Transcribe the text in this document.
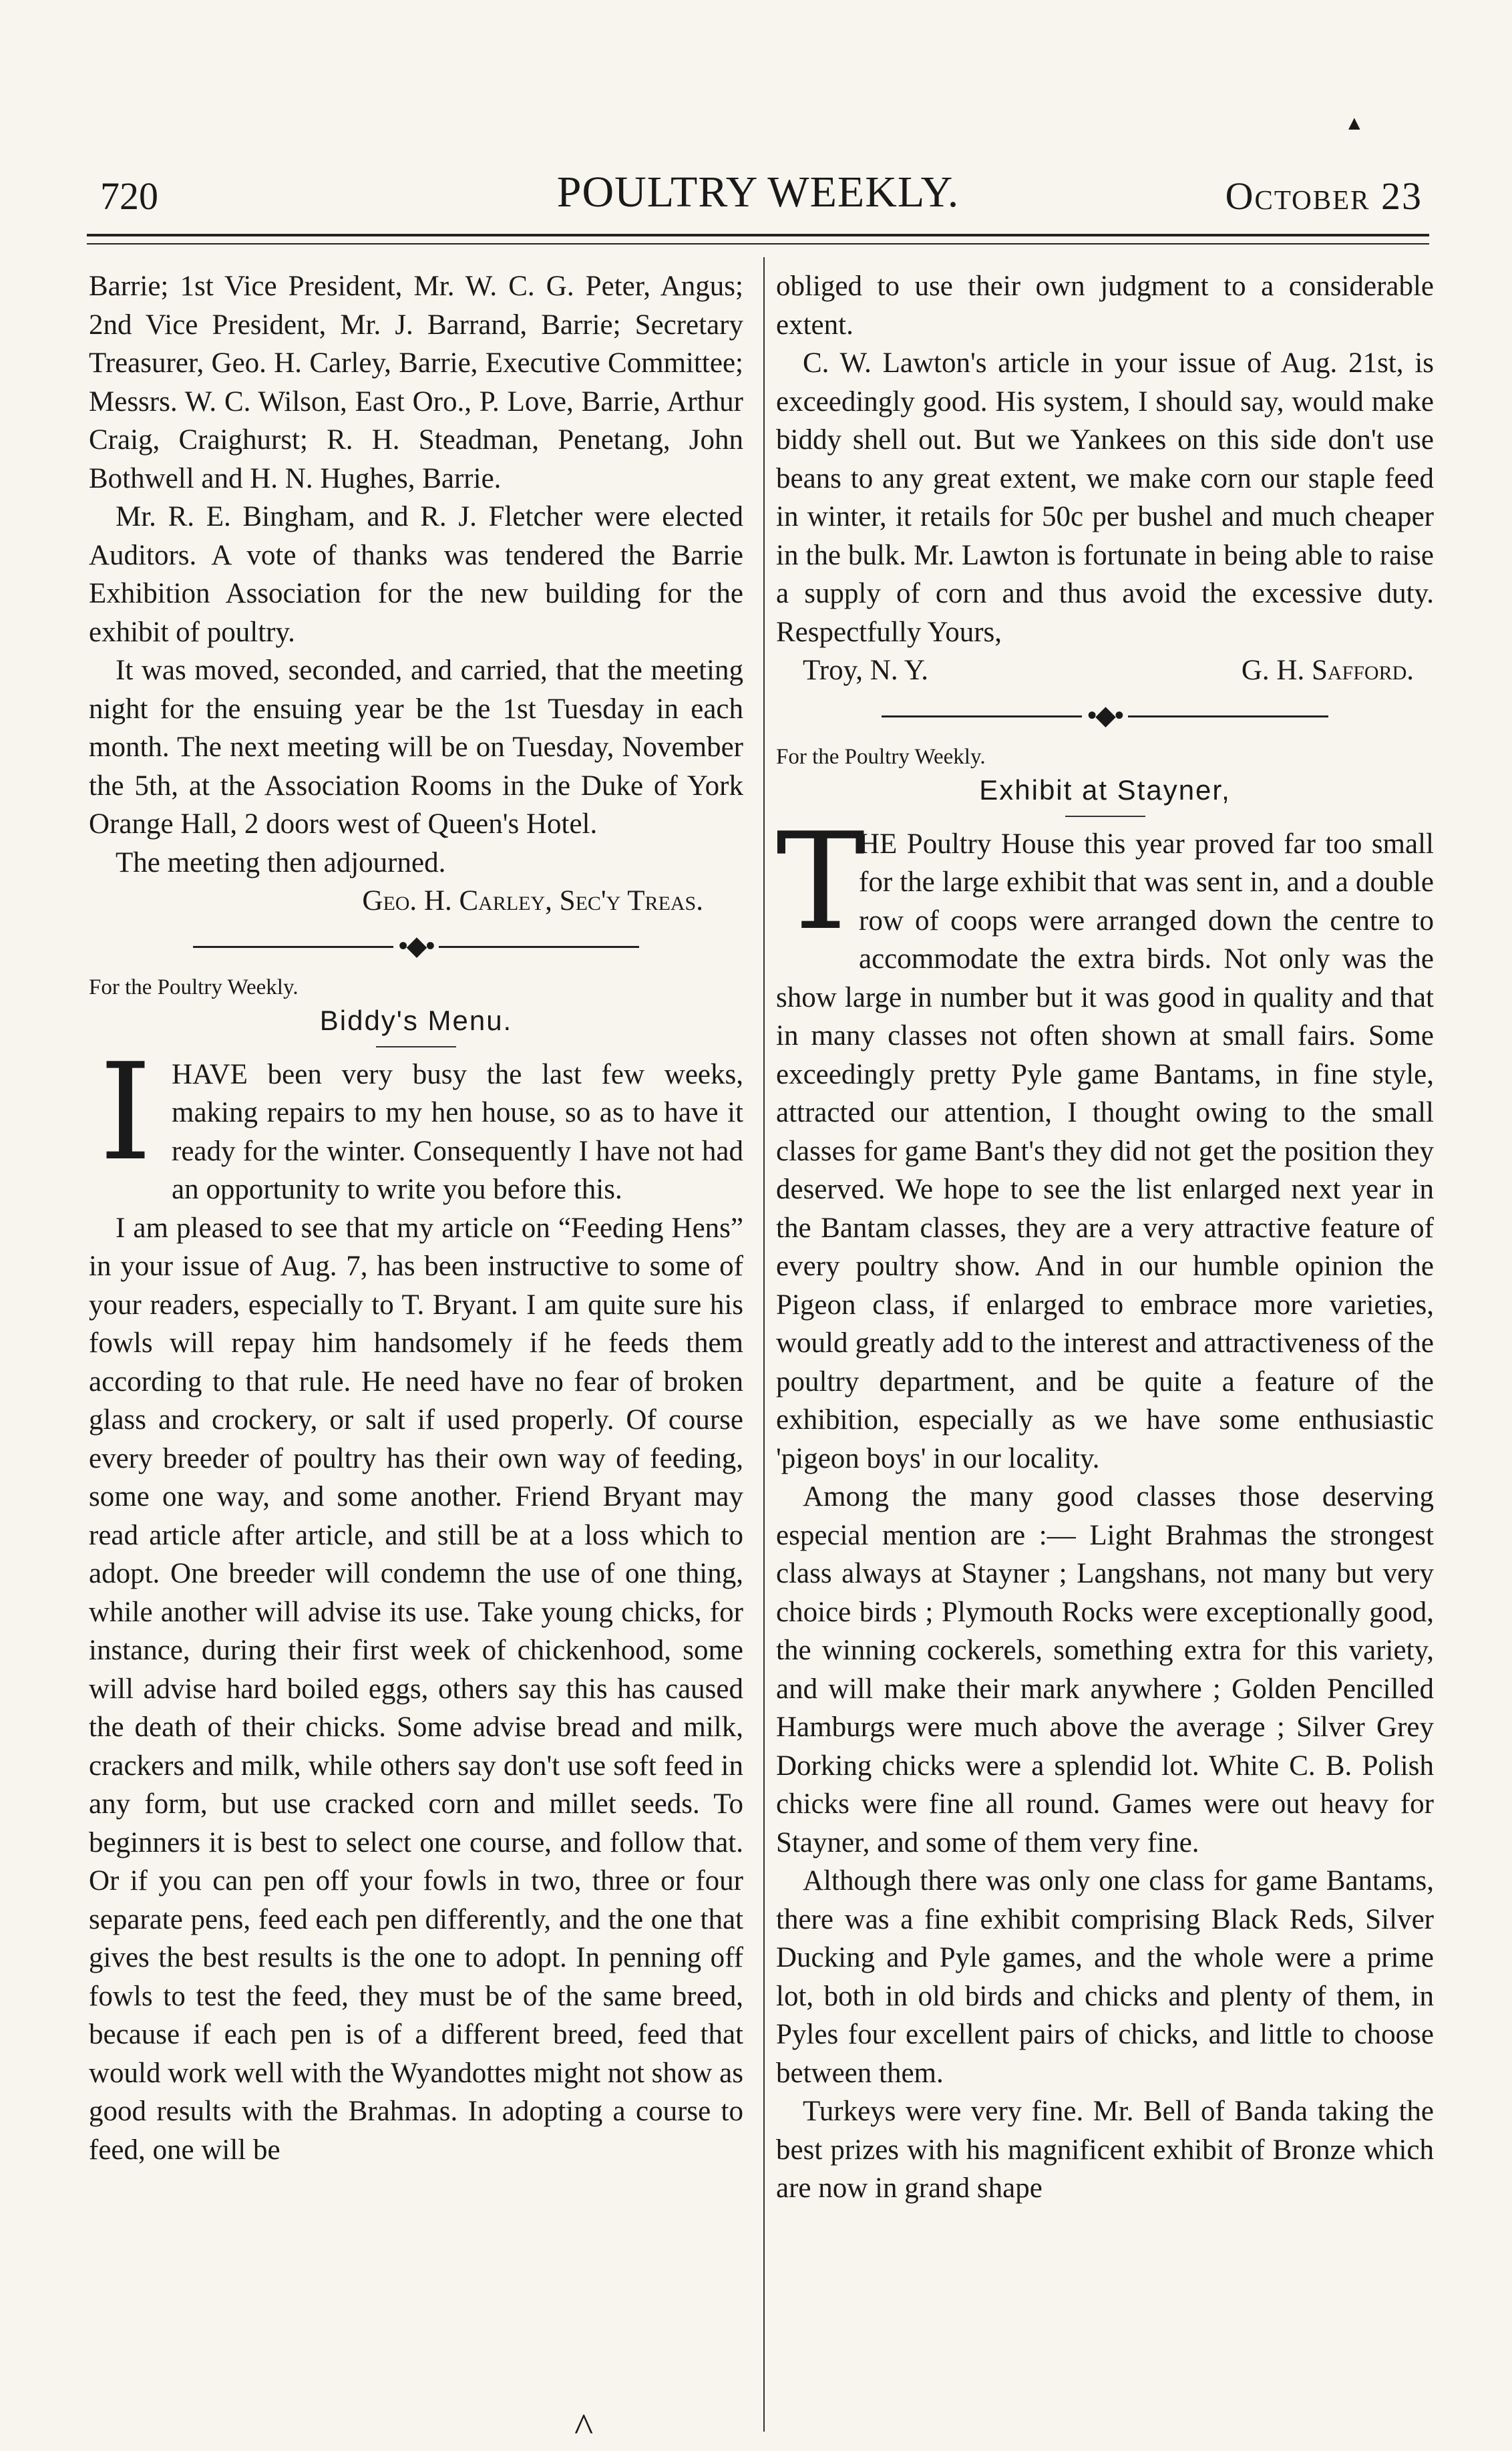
▲
720	POULTRY WEEKLY.	October 23

Barrie; 1st Vice President, Mr. W. C. G. Peter, Angus; 2nd Vice President, Mr. J. Barrand, Barrie; Secretary Treasurer, Geo. H. Carley, Barrie, Executive Committee; Messrs. W. C. Wilson, East Oro., P. Love, Barrie, Arthur Craig, Craighurst; R. H. Steadman, Penetang, John Bothwell and H. N. Hughes, Barrie.

Mr. R. E. Bingham, and R. J. Fletcher were elected Auditors. A vote of thanks was tendered the Barrie Exhibition Association for the new building for the exhibit of poultry.

It was moved, seconded, and carried, that the meeting night for the ensuing year be the 1st Tuesday in each month. The next meeting will be on Tuesday, November the 5th, at the Association Rooms in the Duke of York Orange Hall, 2 doors west of Queen's Hotel.

The meeting then adjourned.

Geo. H. Carley, Sec'y Treas.

•◆•
For the Poultry Weekly.
Biddy's Menu.
I HAVE been very busy the last few weeks, making repairs to my hen house, so as to have it ready for the winter. Consequently I have not had an opportunity to write you before this.

I am pleased to see that my article on “Feeding Hens” in your issue of Aug. 7, has been instructive to some of your readers, especially to T. Bryant. I am quite sure his fowls will repay him handsomely if he feeds them according to that rule. He need have no fear of broken glass and crockery, or salt if used properly. Of course every breeder of poultry has their own way of feeding, some one way, and some another. Friend Bryant may read article after article, and still be at a loss which to adopt. One breeder will condemn the use of one thing, while another will advise its use. Take young chicks, for instance, during their first week of chickenhood, some will advise hard boiled eggs, others say this has caused the death of their chicks. Some advise bread and milk, crackers and milk, while others say don't use soft feed in any form, but use cracked corn and millet seeds. To beginners it is best to select one course, and follow that. Or if you can pen off your fowls in two, three or four separate pens, feed each pen differently, and the one that gives the best results is the one to adopt. In penning off fowls to test the feed, they must be of the same breed, because if each pen is of a different breed, feed that would work well with the Wyandottes might not show as good results with the Brahmas. In adopting a course to feed, one will be

obliged to use their own judgment to a considerable extent.

C. W. Lawton's article in your issue of Aug. 21st, is exceedingly good. His system, I should say, would make biddy shell out. But we Yankees on this side don't use beans to any great extent, we make corn our staple feed in winter, it retails for 50c per bushel and much cheaper in the bulk. Mr. Lawton is fortunate in being able to raise a supply of corn and thus avoid the excessive duty. Respectfully Yours,

Troy, N. Y.	G. H. Safford.
•◆•
For the Poultry Weekly.
Exhibit at Stayner,
T

HE Poultry House this year proved far too small for the large exhibit that was sent in, and a double row of coops were arranged down the centre to accommodate the extra birds. Not only was the show large in number but it was good in quality and that in many classes not often shown at small fairs. Some exceedingly pretty Pyle game Bantams, in fine style, attracted our attention, I thought owing to the small classes for game Bant's they did not get the position they deserved. We hope to see the list enlarged next year in the Bantam classes, they are a very attractive feature of every poultry show. And in our humble opinion the Pigeon class, if enlarged to embrace more varieties, would greatly add to the interest and attractiveness of the poultry department, and be quite a feature of the exhibition, especially as we have some enthusiastic 'pigeon boys' in our locality.

Among the many good classes those deserving especial mention are :— Light Brahmas the strongest class always at Stayner ; Langshans, not many but very choice birds ; Plymouth Rocks were exceptionally good, the winning cockerels, something extra for this variety, and will make their mark anywhere ; Golden Pencilled Hamburgs were much above the average ; Silver Grey Dorking chicks were a splendid lot. White C. B. Polish chicks were fine all round. Games were out heavy for Stayner, and some of them very fine.

Although there was only one class for game Bantams, there was a fine exhibit comprising Black Reds, Silver Ducking and Pyle games, and the whole were a prime lot, both in old birds and chicks and plenty of them, in Pyles four excellent pairs of chicks, and little to choose between them.

Turkeys were very fine. Mr. Bell of Banda taking the best prizes with his magnificent exhibit of Bronze which are now in grand shape

^
